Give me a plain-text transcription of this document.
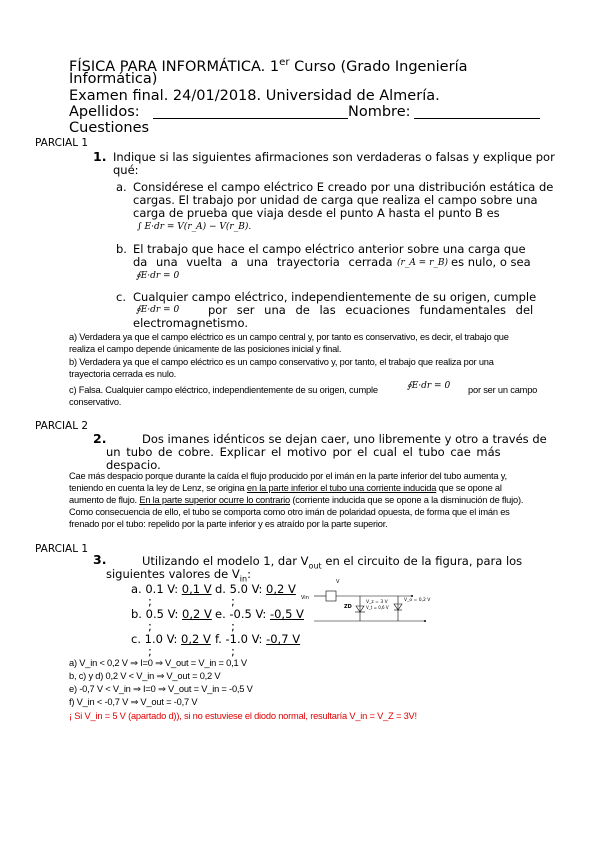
FÍSICA PARA INFORMÁTICA. 1er Curso (Grado Ingeniería
Informática)
Examen final. 24/01/2018. Universidad de Almería.
Apellidos:	Nombre:
Cuestiones
PARCIAL 1
1. Indique si las siguientes afirmaciones son verdaderas o falsas y explique por
qué:
a. Considérese el campo eléctrico E creado por una distribución estática de
cargas. El trabajo por unidad de carga que realiza el campo sobre una
carga de prueba que viaja desde el punto A hasta el punto B es
∫ E·dr = V(r_A) − V(r_B).
b. El trabajo que hace el campo eléctrico anterior sobre una carga que
da una vuelta a una trayectoria cerrada (r_A = r_B) es nulo, o sea
∮E·dr = 0
c. Cualquier campo eléctrico, independientemente de su origen, cumple
∮E·dr = 0	por ser una de las ecuaciones fundamentales del
electromagnetismo.
a) Verdadera ya que el campo eléctrico es un campo central y, por tanto es conservativo, es decir, el trabajo que
realiza el campo depende únicamente de las posiciones inicial y final.
b) Verdadera ya que el campo eléctrico es un campo conservativo y, por tanto, el trabajo que realiza por una
trayectoria cerrada es nulo.
c) Falsa. Cualquier campo eléctrico, independientemente de su origen, cumple	∮E·dr = 0 por ser un campo
conservativo.
PARCIAL 2
2.	Dos imanes idénticos se dejan caer, uno libremente y otro a través de
un tubo de cobre. Explicar el motivo por el cual el tubo cae más
despacio.
Cae más despacio porque durante la caída el flujo producido por el imán en la parte inferior del tubo aumenta y,
teniendo en cuenta la ley de Lenz, se origina en la parte inferior el tubo una corriente inducida que se opone al
aumento de flujo. En la parte superior ocurre lo contrario (corriente inducida que se opone a la disminución de flujo).
Como consecuencia de ello, el tubo se comporta como otro imán de polaridad opuesta, de forma que el imán es
frenado por el tubo: repelido por la parte inferior y es atraído por la parte superior.
PARCIAL 1
3.	Utilizando el modelo 1, dar $V_{out}$ en el circuito de la figura, para los
siguientes valores de $V_{in}$:
a. 0.1 V: 0,1 V d. 5.0 V: 0,2 V
;	;
b. 0.5 V: 0,2 V e. -0.5 V: -0,5 V
;	;
c. 1.0 V: 0,2 V f. -1.0 V: -0,7 V
;	;
V
Vin
ZD
V_z = 3 V
V_t = 0,6 V
V_o = 0,2 V
a) V_in < 0,2 V ⇒ I=0 ⇒ V_out = V_in = 0,1 V
b, c) y d) 0,2 V < V_in ⇒ V_out = 0,2 V
e) -0,7 V < V_in ⇒ I=0 ⇒ V_out = V_in = -0,5 V
f) V_in < -0,7 V ⇒ V_out = -0,7 V
¡ Si V_in = 5 V (apartado d)), si no estuviese el diodo normal, resultaría V_in = V_Z = 3V!
